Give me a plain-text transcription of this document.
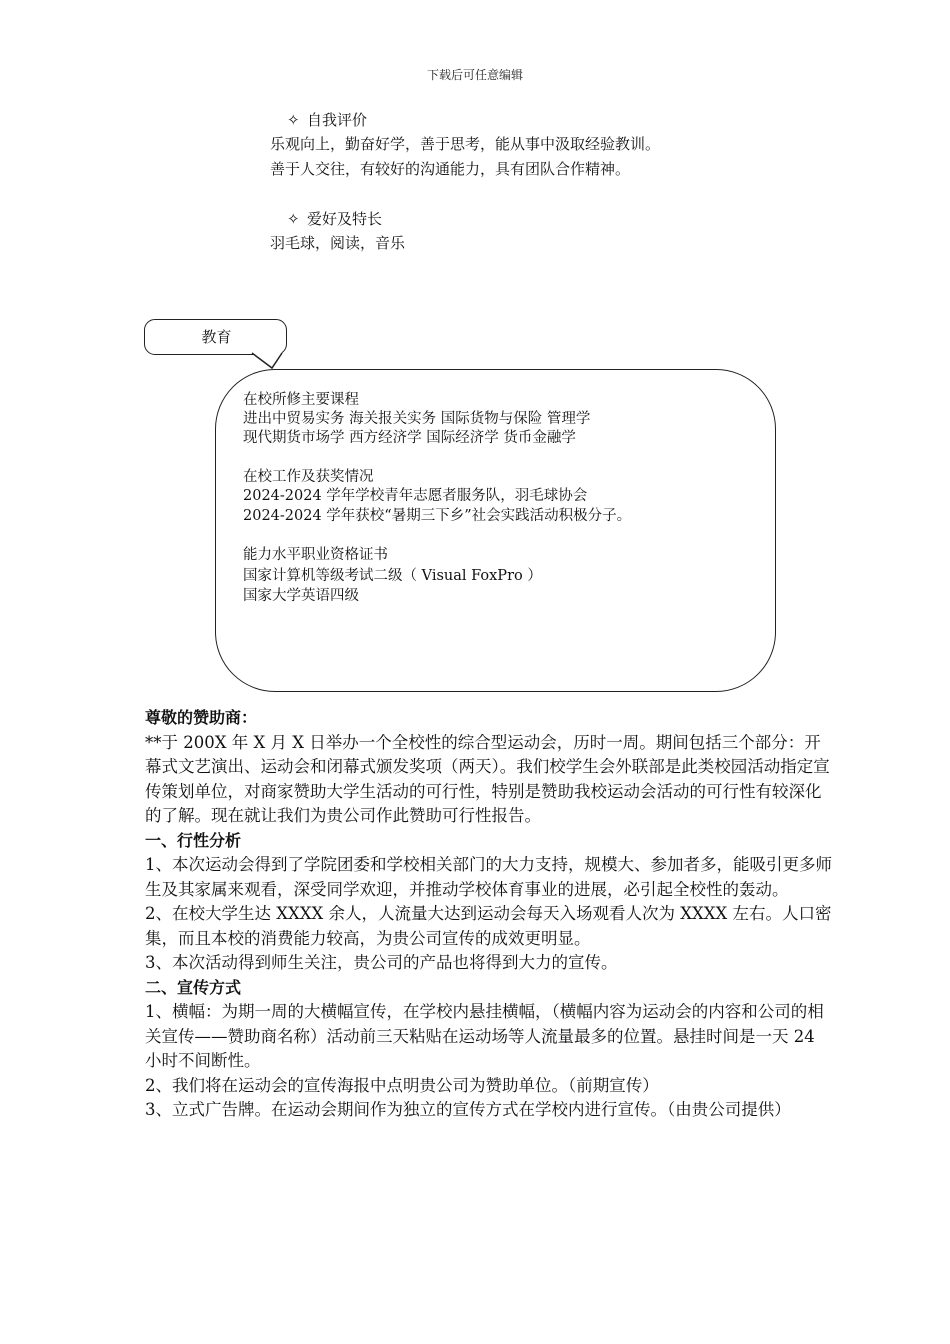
下载后可任意编辑
✧ 自我评价
乐观向上，勤奋好学，善于思考，能从事中汲取经验教训。
善于人交往，有较好的沟通能力，具有团队合作精神。
✧ 爱好及特长
羽毛球，阅读，音乐
教育
在校所修主要课程
进出中贸易实务 海关报关实务 国际货物与保险 管理学
现代期货市场学 西方经济学 国际经济学 货币金融学
在校工作及获奖情况
2024-2024 学年学校青年志愿者服务队，羽毛球协会
2024-2024 学年获校“暑期三下乡”社会实践活动积极分子。
能力水平职业资格证书
国家计算机等级考试二级（ Visual FoxPro ）
国家大学英语四级

尊敬的赞助商：

**于 200X 年 X 月 X 日举办一个全校性的综合型运动会，历时一周。期间包括三个部分：开幕式文艺演出、运动会和闭幕式颁发奖项（两天）。我们校学生会外联部是此类校园活动指定宣传策划单位，对商家赞助大学生活动的可行性，特别是赞助我校运动会活动的可行性有较深化的了解。现在就让我们为贵公司作此赞助可行性报告。

一、行性分析

1、本次运动会得到了学院团委和学校相关部门的大力支持，规模大、参加者多，能吸引更多师生及其家属来观看，深受同学欢迎，并推动学校体育事业的进展，必引起全校性的轰动。

2、在校大学生达 XXXX 余人，人流量大达到运动会每天入场观看人次为 XXXX 左右。人口密集，而且本校的消费能力较高，为贵公司宣传的成效更明显。

3、本次活动得到师生关注，贵公司的产品也将得到大力的宣传。

二、宣传方式

1、横幅：为期一周的大横幅宣传，在学校内悬挂横幅，（横幅内容为运动会的内容和公司的相关宣传——赞助商名称）活动前三天粘贴在运动场等人流量最多的位置。悬挂时间是一天 24 小时不间断性。

2、我们将在运动会的宣传海报中点明贵公司为赞助单位。（前期宣传）

3、立式广告牌。在运动会期间作为独立的宣传方式在学校内进行宣传。（由贵公司提供）
